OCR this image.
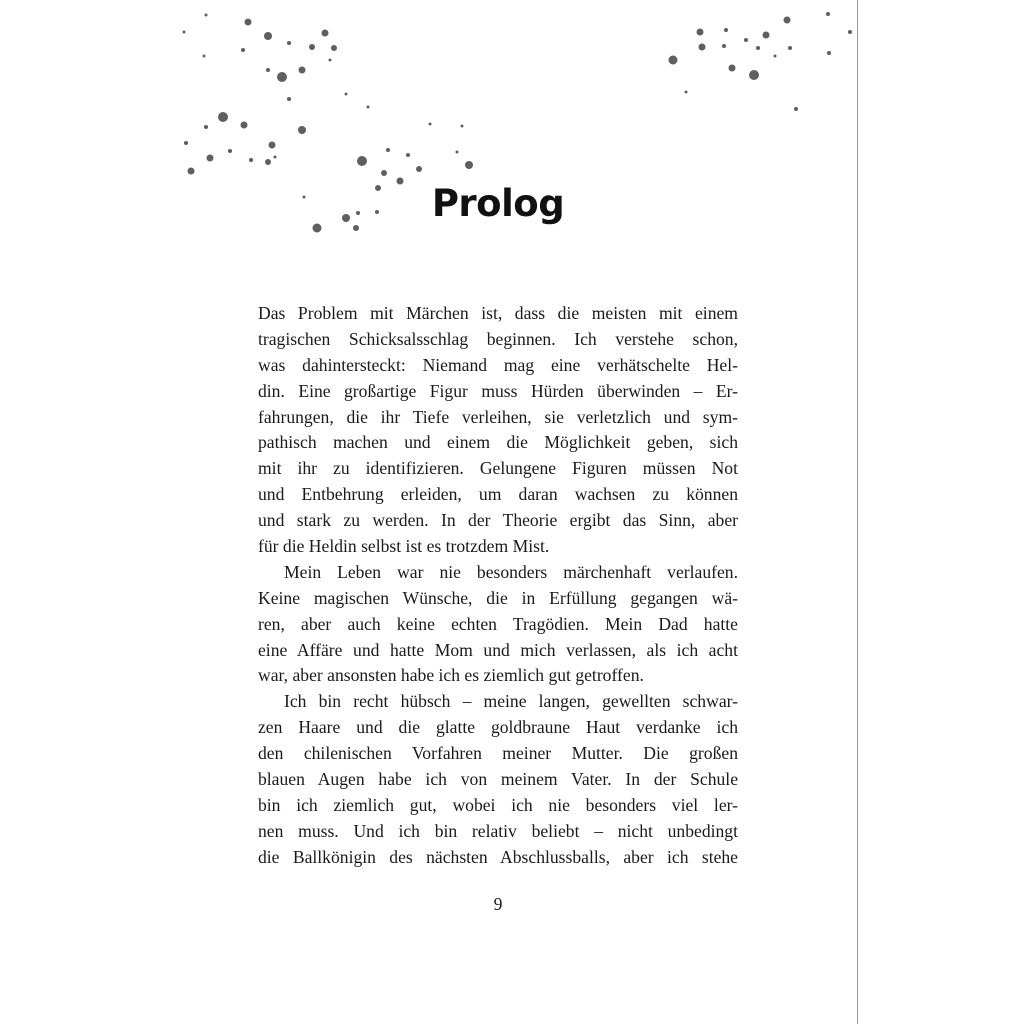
Prolog

Das Problem mit Märchen ist, dass die meisten mit einem
tragischen Schicksalsschlag beginnen. Ich verstehe schon,
was dahintersteckt: Niemand mag eine verhätschelte Hel-
din. Eine großartige Figur muss Hürden überwinden – Er-
fahrungen, die ihr Tiefe verleihen, sie verletzlich und sym-
pathisch machen und einem die Möglichkeit geben, sich
mit ihr zu identifizieren. Gelungene Figuren müssen Not
und Entbehrung erleiden, um daran wachsen zu können
und stark zu werden. In der Theorie ergibt das Sinn, aber
für die Heldin selbst ist es trotzdem Mist.

Mein Leben war nie besonders märchenhaft verlaufen.
Keine magischen Wünsche, die in Erfüllung gegangen wä-
ren, aber auch keine echten Tragödien. Mein Dad hatte
eine Affäre und hatte Mom und mich verlassen, als ich acht
war, aber ansonsten habe ich es ziemlich gut getroffen.

Ich bin recht hübsch – meine langen, gewellten schwar-
zen Haare und die glatte goldbraune Haut verdanke ich
den chilenischen Vorfahren meiner Mutter. Die großen
blauen Augen habe ich von meinem Vater. In der Schule
bin ich ziemlich gut, wobei ich nie besonders viel ler-
nen muss. Und ich bin relativ beliebt – nicht unbedingt
die Ballkönigin des nächsten Abschlussballs, aber ich stehe

9
